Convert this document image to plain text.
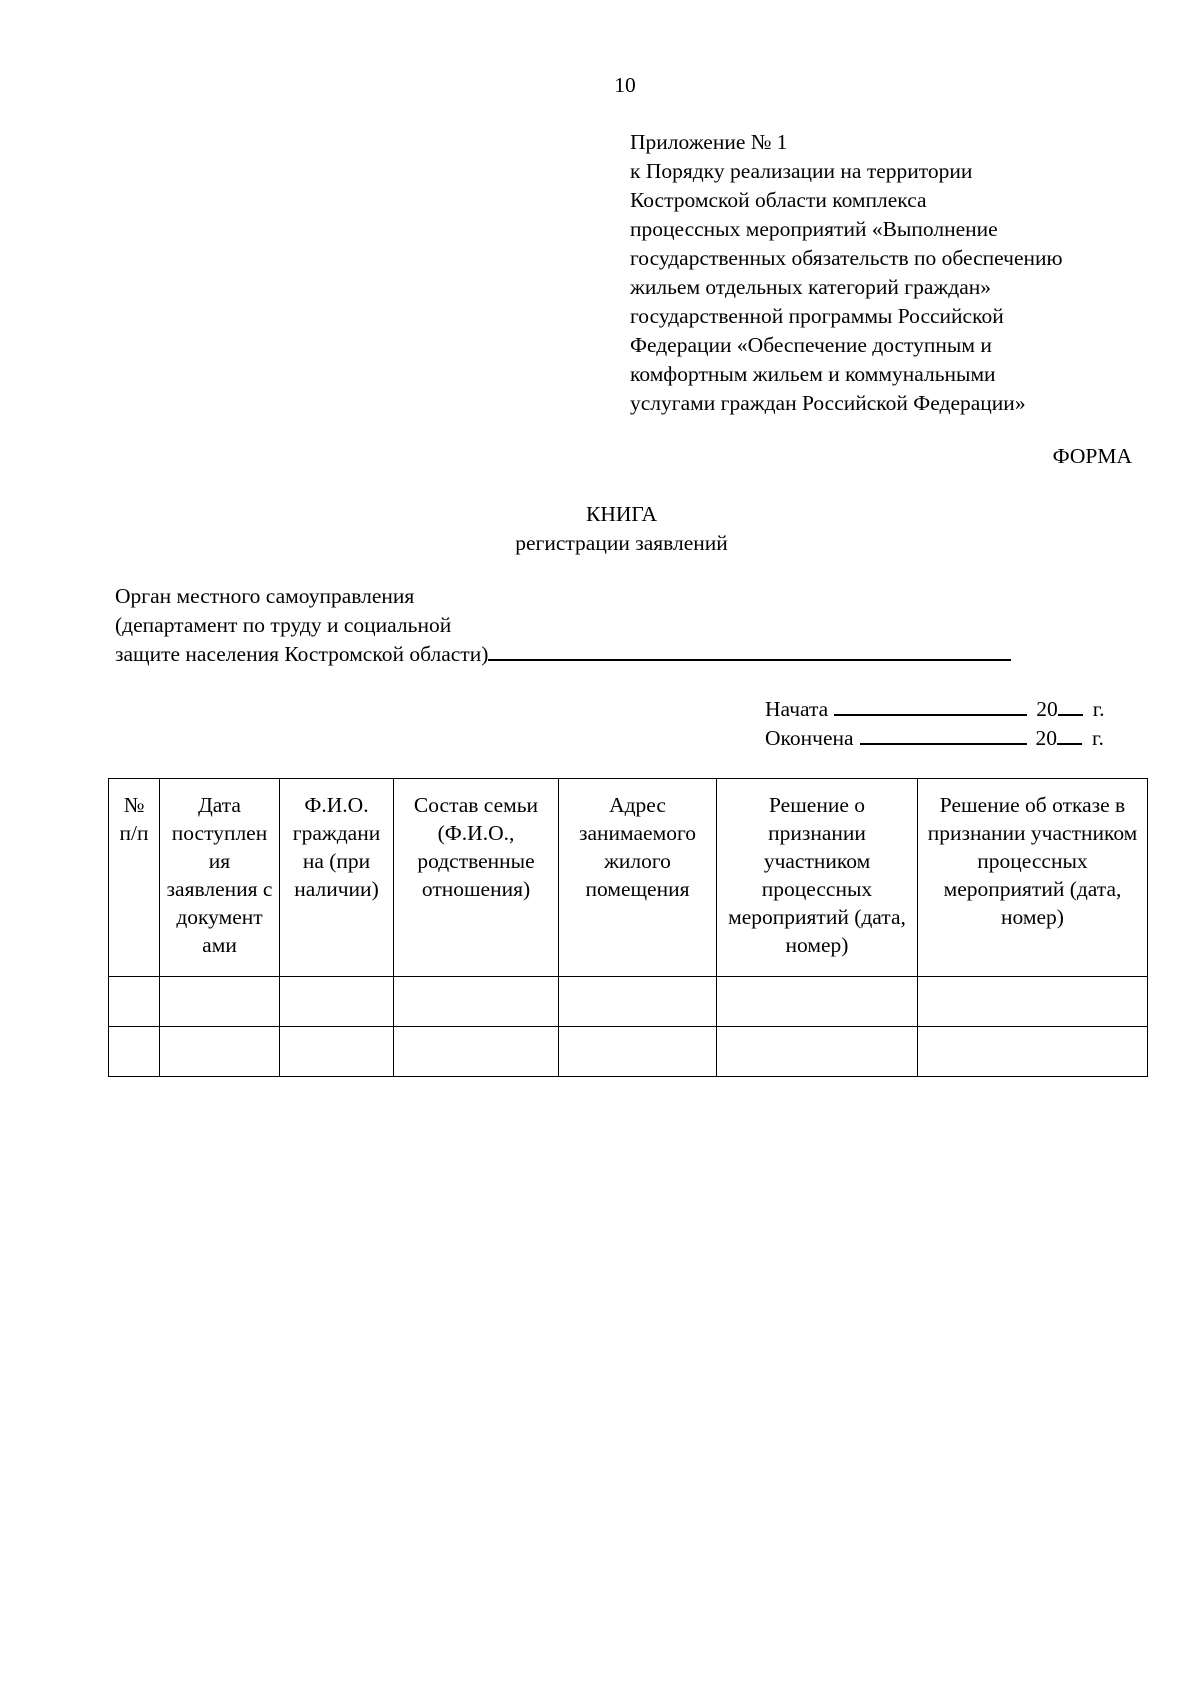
10
Приложение № 1
к Порядку реализации на территории
Костромской области комплекса
процессных мероприятий «Выполнение
государственных обязательств по обеспечению
жильем отдельных категорий граждан»
государственной программы Российской
Федерации «Обеспечение доступным и
комфортным жильем и коммунальными
услугами граждан Российской Федерации»
ФОРМА
КНИГА
регистрации заявлений
Орган местного самоуправления
(департамент по труду и социальной
защите населения Костромской области)
Начата	20 г.
Окончена	20 г.
№ п/п	Дата поступлен ия заявления с документ ами	Ф.И.О. граждани на (при наличии)	Состав семьи (Ф.И.О., родственные отношения)	Адрес занимаемого жилого помещения	Решение о признании участником процессных мероприятий (дата, номер)	Решение об отказе в признании участником процессных мероприятий (дата, номер)
